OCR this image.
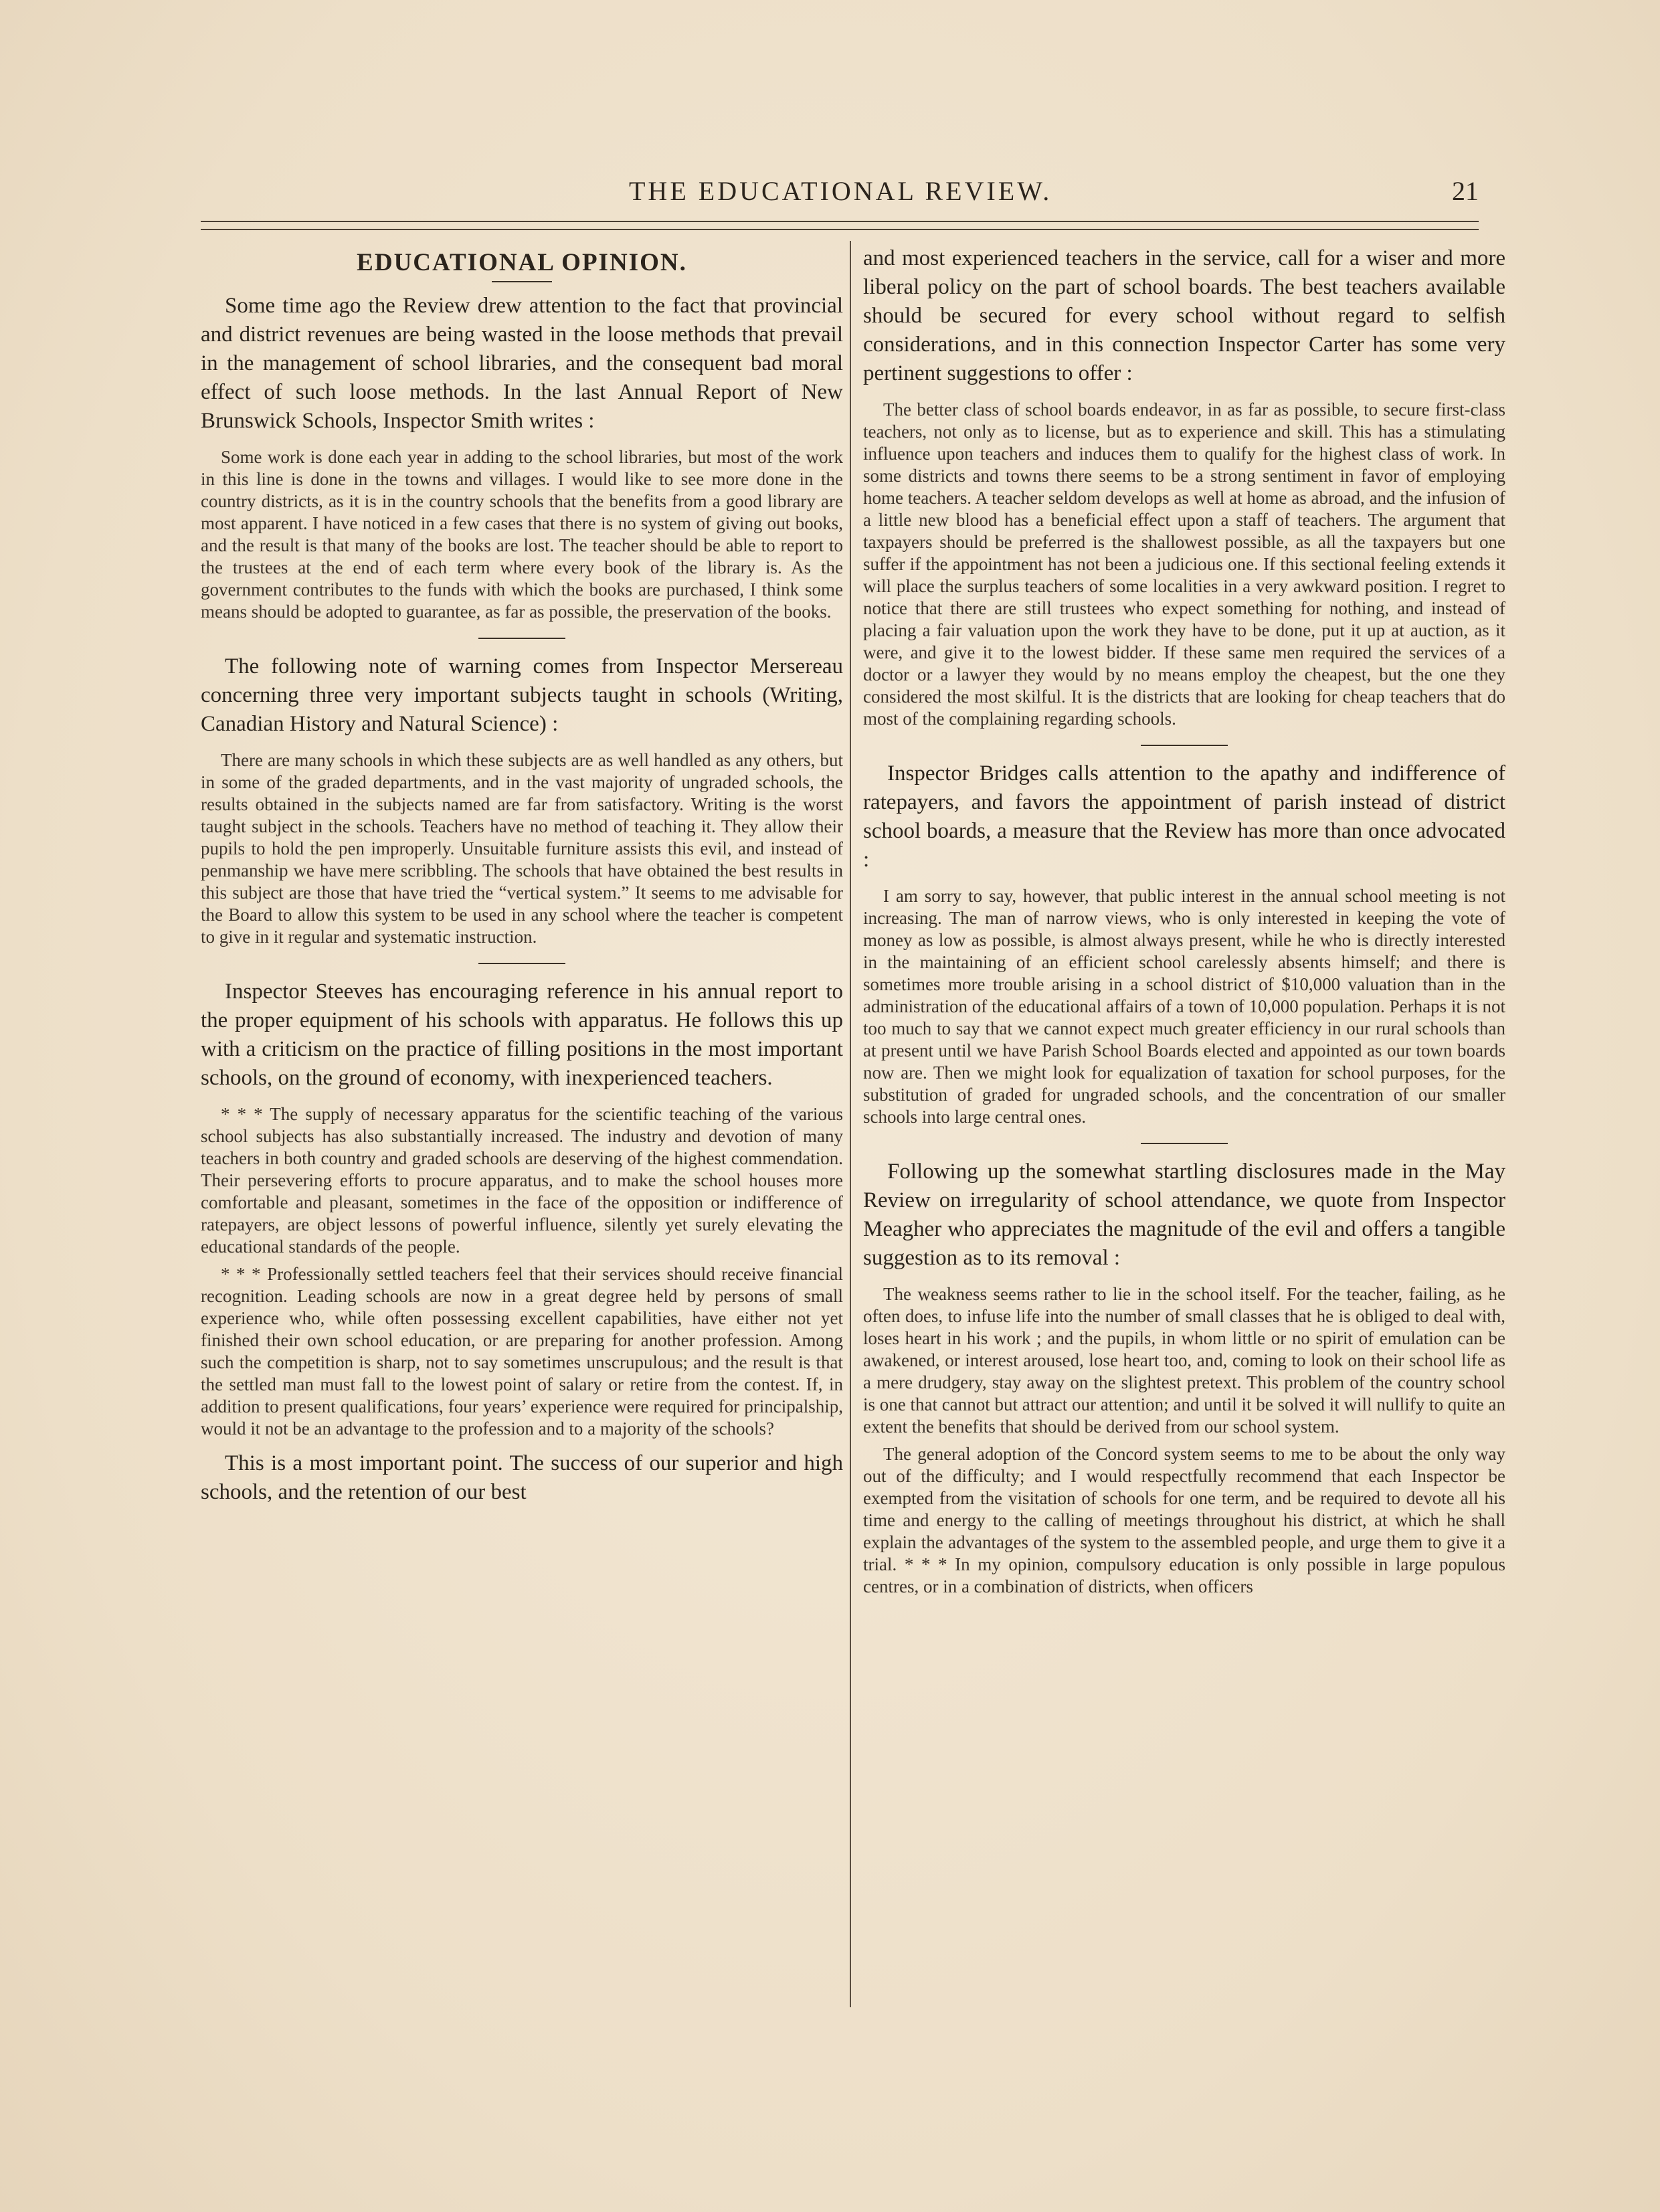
THE EDUCATIONAL REVIEW.	21
EDUCATIONAL OPINION.

Some time ago the Review drew attention to the fact that provincial and district revenues are being wasted in the loose methods that prevail in the management of school libraries, and the consequent bad moral effect of such loose methods. In the last Annual Report of New Brunswick Schools, Inspector Smith writes :

Some work is done each year in adding to the school libraries, but most of the work in this line is done in the towns and villages. I would like to see more done in the country districts, as it is in the country schools that the benefits from a good library are most apparent. I have noticed in a few cases that there is no system of giving out books, and the result is that many of the books are lost. The teacher should be able to report to the trustees at the end of each term where every book of the library is. As the government contributes to the funds with which the books are purchased, I think some means should be adopted to guarantee, as far as possible, the preservation of the books.

The following note of warning comes from Inspector Mersereau concerning three very important subjects taught in schools (Writing, Canadian History and Natural Science) :

There are many schools in which these subjects are as well handled as any others, but in some of the graded departments, and in the vast majority of ungraded schools, the results obtained in the subjects named are far from satisfactory. Writing is the worst taught subject in the schools. Teachers have no method of teaching it. They allow their pupils to hold the pen improperly. Unsuitable furniture assists this evil, and instead of penmanship we have mere scribbling. The schools that have obtained the best results in this subject are those that have tried the “vertical system.” It seems to me advisable for the Board to allow this system to be used in any school where the teacher is competent to give in it regular and systematic instruction.

Inspector Steeves has encouraging reference in his annual report to the proper equipment of his schools with apparatus. He follows this up with a criticism on the practice of filling positions in the most important schools, on the ground of economy, with inexperienced teachers.

* * * The supply of necessary apparatus for the scientific teaching of the various school subjects has also substantially increased. The industry and devotion of many teachers in both country and graded schools are deserving of the highest commendation. Their persevering efforts to procure apparatus, and to make the school houses more comfortable and pleasant, sometimes in the face of the opposition or indifference of ratepayers, are object lessons of powerful influence, silently yet surely elevating the educational standards of the people.

* * * Professionally settled teachers feel that their services should receive financial recognition. Leading schools are now in a great degree held by persons of small experience who, while often possessing excellent capabilities, have either not yet finished their own school education, or are preparing for another profession. Among such the competition is sharp, not to say sometimes unscrupulous; and the result is that the settled man must fall to the lowest point of salary or retire from the contest. If, in addition to present qualifications, four years’ experience were required for principalship, would it not be an advantage to the profession and to a majority of the schools?

This is a most important point. The success of our superior and high schools, and the retention of our best

and most experienced teachers in the service, call for a wiser and more liberal policy on the part of school boards. The best teachers available should be secured for every school without regard to selfish considerations, and in this connection Inspector Carter has some very pertinent suggestions to offer :

The better class of school boards endeavor, in as far as possible, to secure first-class teachers, not only as to license, but as to experience and skill. This has a stimulating influence upon teachers and induces them to qualify for the highest class of work. In some districts and towns there seems to be a strong sentiment in favor of employing home teachers. A teacher seldom develops as well at home as abroad, and the infusion of a little new blood has a beneficial effect upon a staff of teachers. The argument that taxpayers should be preferred is the shallowest possible, as all the taxpayers but one suffer if the appointment has not been a judicious one. If this sectional feeling extends it will place the surplus teachers of some localities in a very awkward position. I regret to notice that there are still trustees who expect something for nothing, and instead of placing a fair valuation upon the work they have to be done, put it up at auction, as it were, and give it to the lowest bidder. If these same men required the services of a doctor or a lawyer they would by no means employ the cheapest, but the one they considered the most skilful. It is the districts that are looking for cheap teachers that do most of the complaining regarding schools.

Inspector Bridges calls attention to the apathy and indifference of ratepayers, and favors the appointment of parish instead of district school boards, a measure that the Review has more than once advocated :

I am sorry to say, however, that public interest in the annual school meeting is not increasing. The man of narrow views, who is only interested in keeping the vote of money as low as possible, is almost always present, while he who is directly interested in the maintaining of an efficient school carelessly absents himself; and there is sometimes more trouble arising in a school district of $10,000 valuation than in the administration of the educational affairs of a town of 10,000 population. Perhaps it is not too much to say that we cannot expect much greater efficiency in our rural schools than at present until we have Parish School Boards elected and appointed as our town boards now are. Then we might look for equalization of taxation for school purposes, for the substitution of graded for ungraded schools, and the concentration of our smaller schools into large central ones.

Following up the somewhat startling disclosures made in the May Review on irregularity of school attendance, we quote from Inspector Meagher who appreciates the magnitude of the evil and offers a tangible suggestion as to its removal :

The weakness seems rather to lie in the school itself. For the teacher, failing, as he often does, to infuse life into the number of small classes that he is obliged to deal with, loses heart in his work ; and the pupils, in whom little or no spirit of emulation can be awakened, or interest aroused, lose heart too, and, coming to look on their school life as a mere drudgery, stay away on the slightest pretext. This problem of the country school is one that cannot but attract our attention; and until it be solved it will nullify to quite an extent the benefits that should be derived from our school system.

The general adoption of the Concord system seems to me to be about the only way out of the difficulty; and I would respectfully recommend that each Inspector be exempted from the visitation of schools for one term, and be required to devote all his time and energy to the calling of meetings throughout his district, at which he shall explain the advantages of the system to the assembled people, and urge them to give it a trial. * * * In my opinion, compulsory education is only possible in large populous centres, or in a combination of districts, when officers
